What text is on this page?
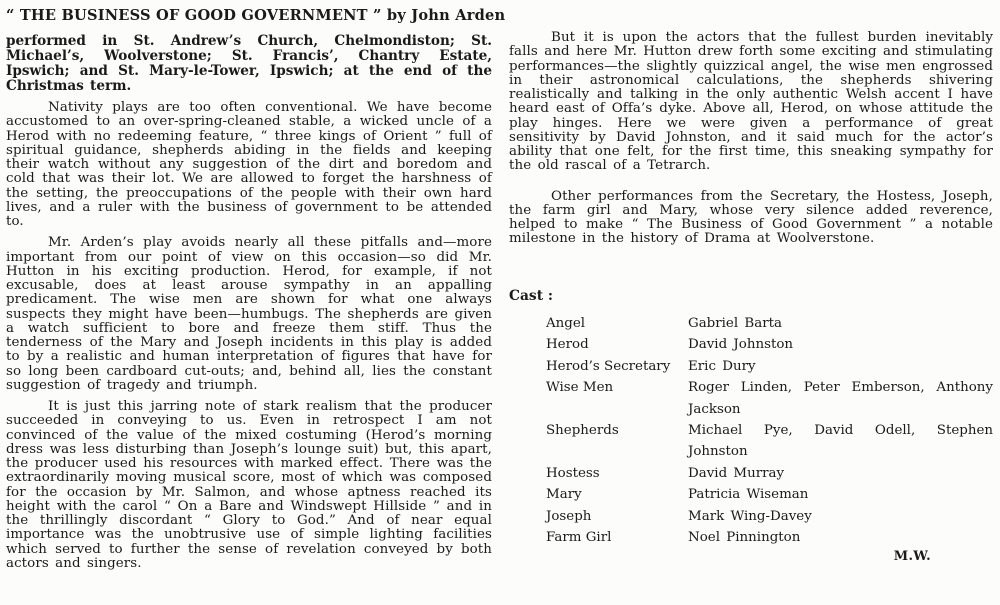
“ THE BUSINESS OF GOOD GOVERNMENT ” by John Arden

performed in St. Andrew’s Church, Chelmondiston; St. Michael’s, Woolverstone; St. Francis’, Chantry Estate, Ipswich; and St. Mary-le-Tower, Ipswich; at the end of the Christmas term.

Nativity plays are too often conventional. We have become accustomed to an over-spring-cleaned stable, a wicked uncle of a Herod with no redeeming feature, “ three kings of Orient ” full of spiritual guidance, shepherds abiding in the fields and keeping their watch without any suggestion of the dirt and boredom and cold that was their lot. We are allowed to forget the harshness of the setting, the preoccupations of the people with their own hard lives, and a ruler with the business of government to be attended to.

Mr. Arden’s play avoids nearly all these pitfalls and—more important from our point of view on this occasion—so did Mr. Hutton in his exciting production. Herod, for example, if not excusable, does at least arouse sympathy in an appalling predicament. The wise men are shown for what one always suspects they might have been—humbugs. The shepherds are given a watch sufficient to bore and freeze them stiff. Thus the tenderness of the Mary and Joseph incidents in this play is added to by a realistic and human interpretation of figures that have for so long been cardboard cut-outs; and, behind all, lies the constant suggestion of tragedy and triumph.

It is just this jarring note of stark realism that the producer succeeded in conveying to us. Even in retrospect I am not convinced of the value of the mixed costuming (Herod’s morning dress was less disturbing than Joseph’s lounge suit) but, this apart, the producer used his resources with marked effect. There was the extraordinarily moving musical score, most of which was composed for the occasion by Mr. Salmon, and whose aptness reached its height with the carol “ On a Bare and Windswept Hillside ” and in the thrillingly discordant “ Glory to God.” And of near equal importance was the unobtrusive use of simple lighting facilities which served to further the sense of revelation conveyed by both actors and singers.

But it is upon the actors that the fullest burden inevitably falls and here Mr. Hutton drew forth some exciting and stimulating performances—the slightly quizzical angel, the wise men engrossed in their astronomical calculations, the shepherds shivering realistically and talking in the only authentic Welsh accent I have heard east of Offa’s dyke. Above all, Herod, on whose attitude the play hinges. Here we were given a performance of great sensitivity by David Johnston, and it said much for the actor’s ability that one felt, for the first time, this sneaking sympathy for the old rascal of a Tetrarch.

Other performances from the Secretary, the Hostess, Joseph, the farm girl and Mary, whose very silence added reverence, helped to make “ The Business of Good Government ” a notable milestone in the history of Drama at Woolverstone.

Cast :
Angel	Gabriel Barta
Herod	David Johnston
Herod’s Secretary	Eric Dury
Wise Men	Roger Linden, Peter Emberson, Anthony Jackson
Shepherds	Michael Pye, David Odell, Stephen Johnston
Hostess	David Murray
Mary	Patricia Wiseman
Joseph	Mark Wing-Davey
Farm Girl	Noel Pinnington
M.W.
